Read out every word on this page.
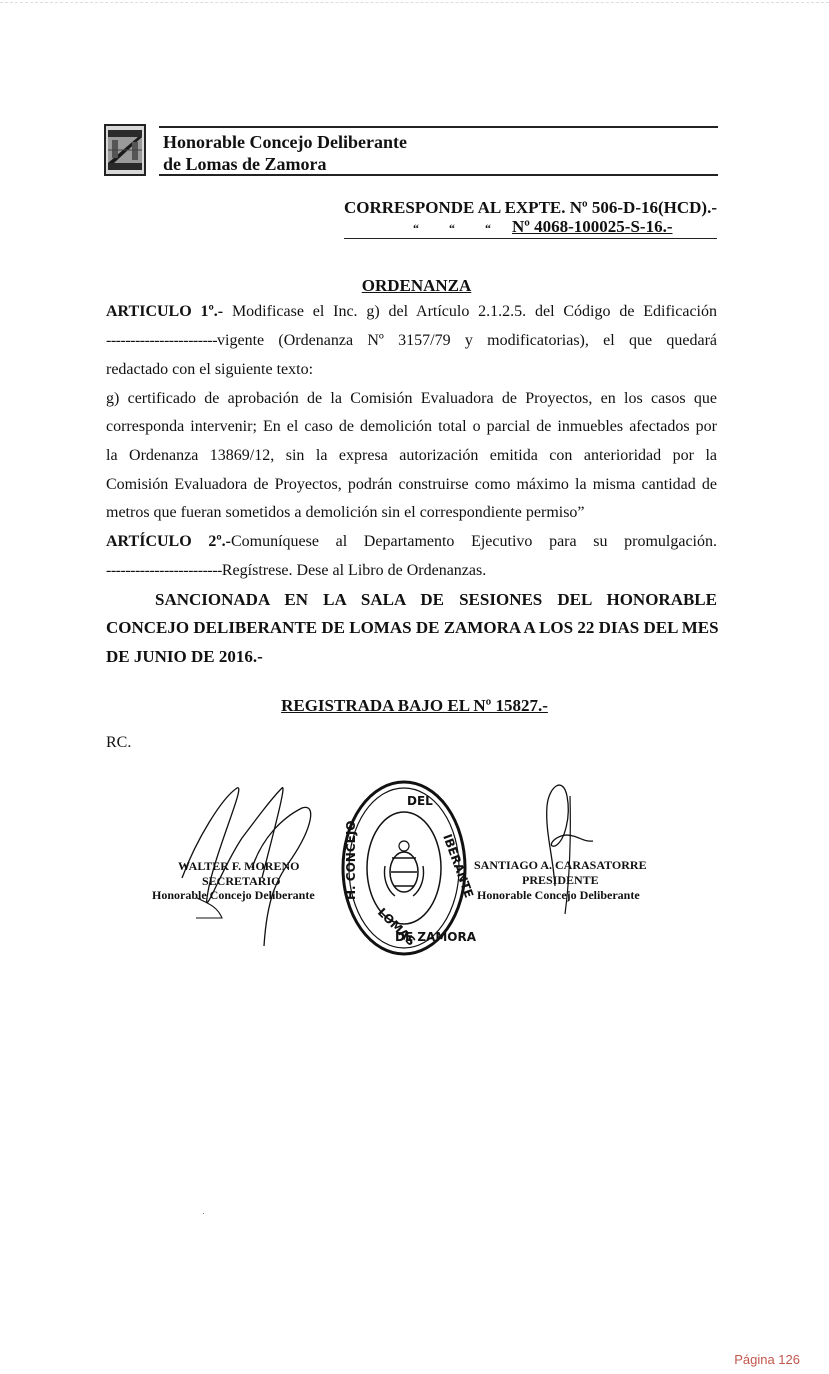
Honorable Concejo Deliberante
de Lomas de Zamora
CORRESPONDE AL EXPTE. Nº 506-D-16(HCD).-
“	“	“ Nº 4068-100025-S-16.-
ORDENANZA
ARTICULO 1º.- Modificase el Inc. g) del Artículo 2.1.2.5. del Código de Edificación
----------------------- vigente (Ordenanza Nº 3157/79 y modificatorias), el que quedará
redactado con el siguiente texto:
g) certificado de aprobación de la Comisión Evaluadora de Proyectos, en los casos que
corresponda intervenir; En el caso de demolición total o parcial de inmuebles afectados por
la Ordenanza 13869/12, sin la expresa autorización emitida con anterioridad por la
Comisión Evaluadora de Proyectos, podrán construirse como máximo la misma cantidad de
metros que fueran sometidos a demolición sin el correspondiente permiso”
ARTÍCULO 2º.-Comuníquese al Departamento Ejecutivo para su promulgación.
------------------------Regístrese. Dese al Libro de Ordenanzas.
SANCIONADA EN LA SALA DE SESIONES DEL HONORABLE
CONCEJO DELIBERANTE DE LOMAS DE ZAMORA A LOS 22 DIAS DEL MES
DE JUNIO DE 2016.-
REGISTRADA BAJO EL Nº 15827.-
RC.
WALTER F. MORENO
SECRETARIO
Honorable Concejo Deliberante H. CONCEJO
DEL
IBERANTE
LOMAS
DE ZAMORA
SANTIAGO A. CARASATORRE
PRESIDENTE
Honorable Concejo Deliberante
Página 126
